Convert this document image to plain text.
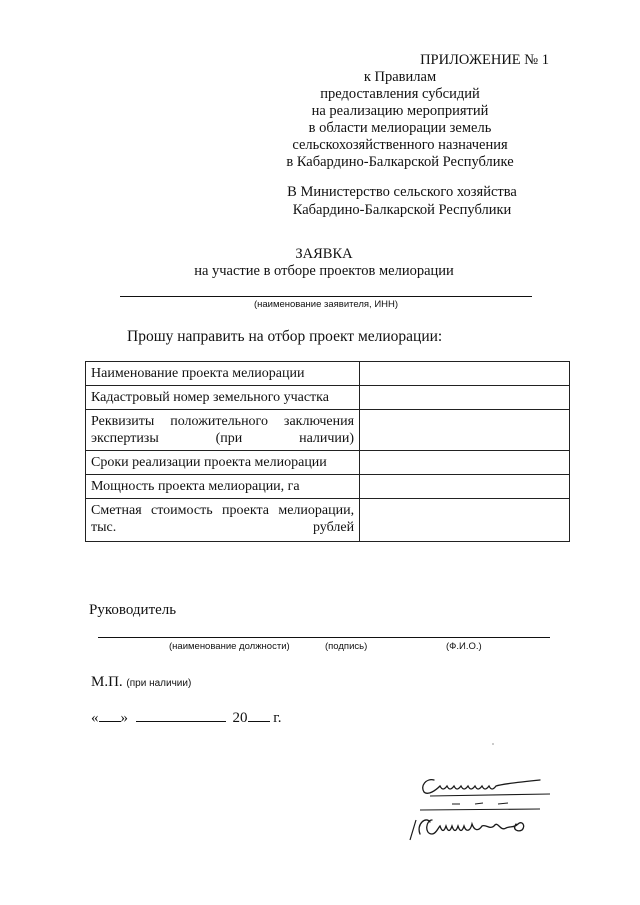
ПРИЛОЖЕНИЕ № 1
к Правилам
предоставления субсидий
на реализацию мероприятий
в области мелиорации земель
сельскохозяйственного назначения
в Кабардино-Балкарской Республике
В Министерство сельского хозяйства
Кабардино-Балкарской Республики
ЗАЯВКА
на участие в отборе проектов мелиорации
(наименование заявителя, ИНН)
Прошу направить на отбор проект мелиорации:
Наименование проекта мелиорации	
Кадастровый номер земельного участка	
Реквизиты положительного заключения экспертизы (при наличии)	
Сроки реализации проекта мелиорации	
Мощность проекта мелиорации, га	
Сметная стоимость проекта мелиорации, тыс. рублей	
Руководитель
(наименование должности)	(подпись)	(Ф.И.О.)
М.П. (при наличии)
« »	20 г.
